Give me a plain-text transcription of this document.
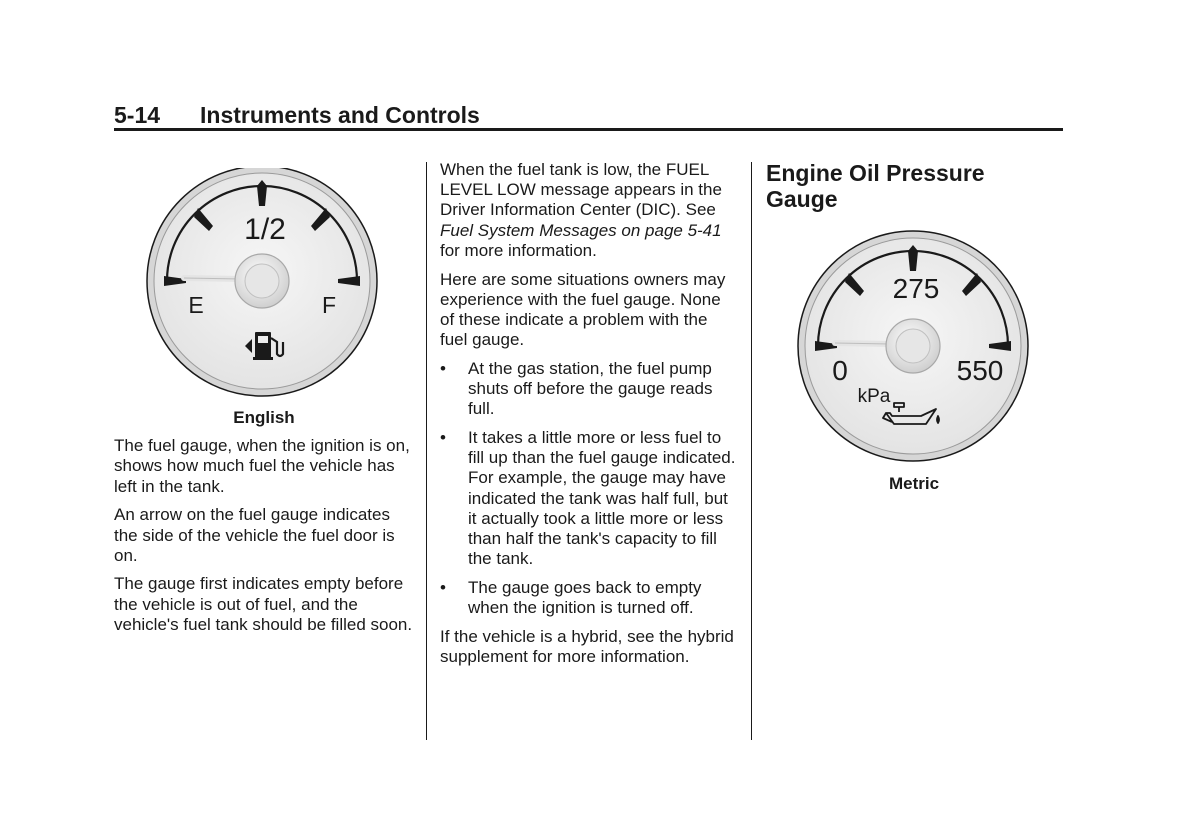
5-14 Instruments and Controls
1/2
E	F
English

The fuel gauge, when the ignition is on, shows how much fuel the vehicle has left in the tank.

An arrow on the fuel gauge indicates the side of the vehicle the fuel door is on.

The gauge first indicates empty before the vehicle is out of fuel, and the vehicle's fuel tank should be filled soon.

When the fuel tank is low, the FUEL LEVEL LOW message appears in the Driver Information Center (DIC). See Fuel System Messages on page 5-41 for more information.

Here are some situations owners may experience with the fuel gauge. None of these indicate a problem with the fuel gauge.

• At the gas station, the fuel pump shuts off before the gauge reads full.
• It takes a little more or less fuel to fill up than the fuel gauge indicated. For example, the gauge may have indicated the tank was half full, but it actually took a little more or less than half the tank's capacity to fill the tank.
• The gauge goes back to empty when the ignition is turned off.

If the vehicle is a hybrid, see the hybrid supplement for more information.

Engine Oil Pressure Gauge
275
0	550
kPa
Metric
